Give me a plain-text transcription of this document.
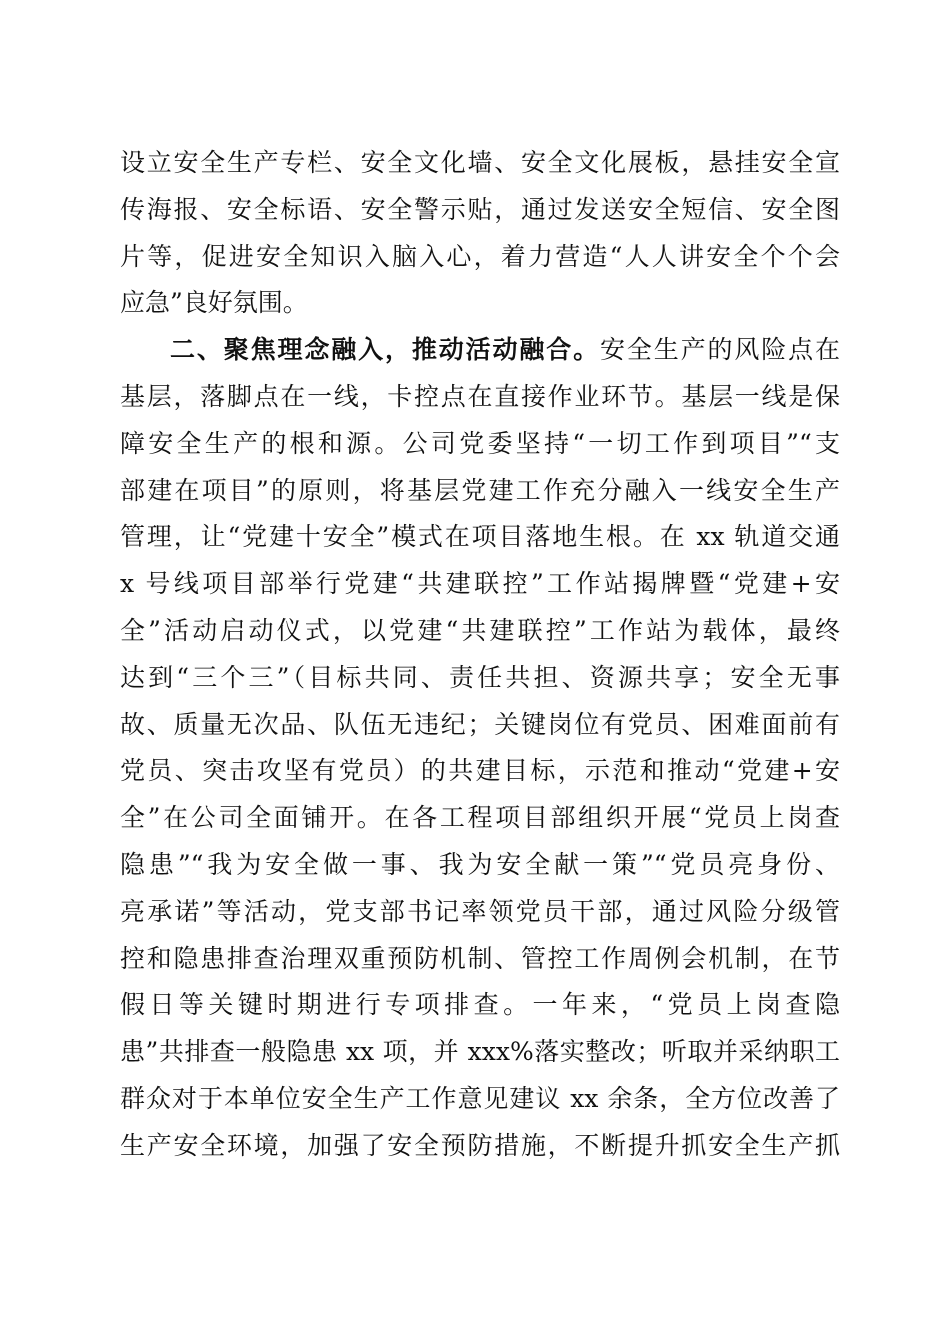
设立安全生产专栏、安全文化墙、安全文化展板，悬挂安全宣
传海报、安全标语、安全警示贴，通过发送安全短信、安全图
片等，促进安全知识入脑入心，着力营造“人人讲安全个个会
应急”良好氛围。
二、聚焦理念融入，推动活动融合。安全生产的风险点在
基层，落脚点在一线，卡控点在直接作业环节。基层一线是保
障安全生产的根和源。公司党委坚持“一切工作到项目”“支
部建在项目”的原则，将基层党建工作充分融入一线安全生产
管理，让“党建十安全”模式在项目落地生根。在 xx 轨道交通
x 号线项目部举行党建“共建联控”工作站揭牌暨“党建+安
全”活动启动仪式，以党建“共建联控”工作站为载体，最终
达到“三个三”（目标共同、责任共担、资源共享；安全无事
故、质量无次品、队伍无违纪；关键岗位有党员、困难面前有
党员、突击攻坚有党员）的共建目标，示范和推动“党建+安
全”在公司全面铺开。在各工程项目部组织开展“党员上岗查
隐患”“我为安全做一事、我为安全献一策”“党员亮身份、
亮承诺”等活动，党支部书记率领党员干部，通过风险分级管
控和隐患排查治理双重预防机制、管控工作周例会机制，在节
假日等关键时期进行专项排查。一年来，“党员上岗查隐
患”共排查一般隐患 xx 项，并 xxx%落实整改；听取并采纳职工
群众对于本单位安全生产工作意见建议 xx 余条，全方位改善了
生产安全环境，加强了安全预防措施，不断提升抓安全生产抓
